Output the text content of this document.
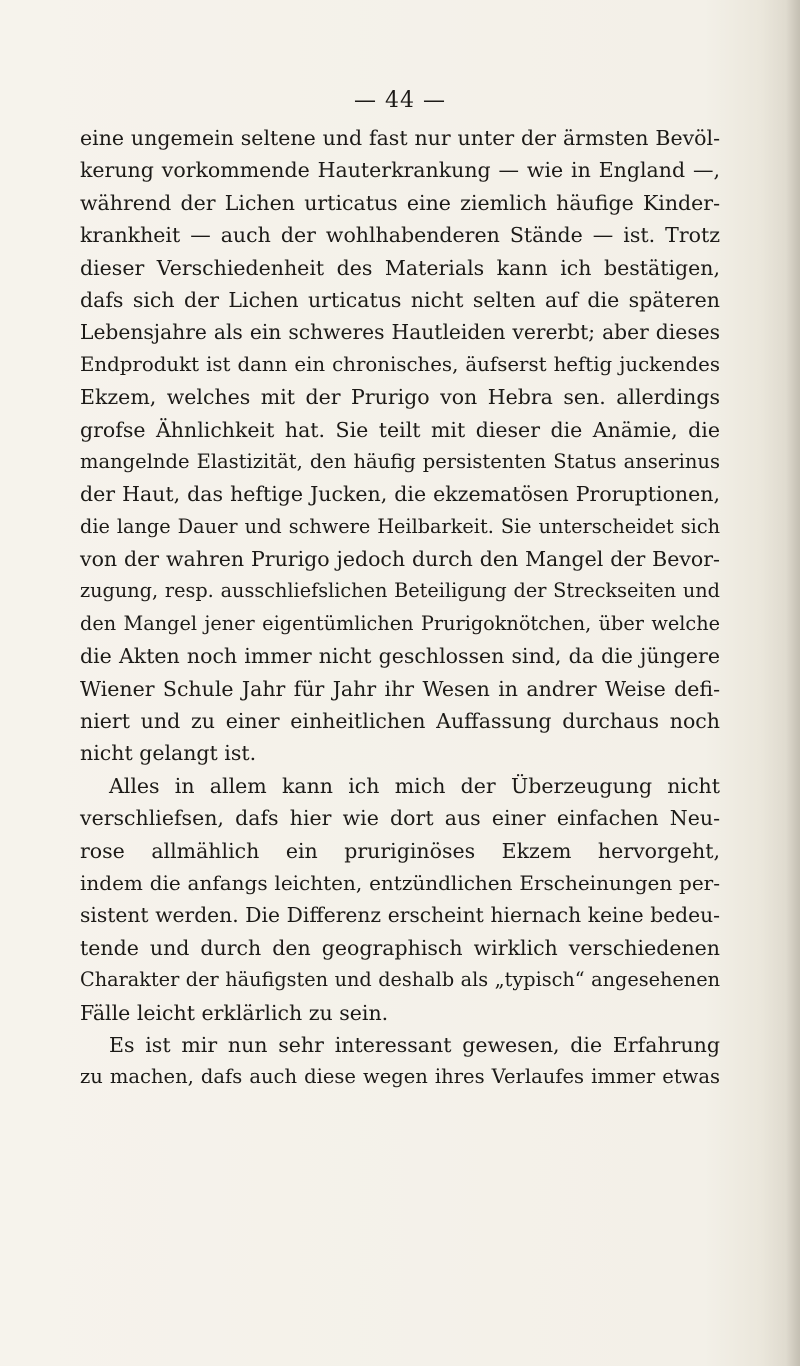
— 44 —
eine ungemein seltene und fast nur unter der ärmsten Bevöl-
kerung vorkommende Hauterkrankung — wie in England —,
während der Lichen urticatus eine ziemlich häufige Kinder-
krankheit — auch der wohlhabenderen Stände — ist. Trotz
dieser Verschiedenheit des Materials kann ich bestätigen,
dafs sich der Lichen urticatus nicht selten auf die späteren
Lebensjahre als ein schweres Hautleiden vererbt; aber dieses
Endprodukt ist dann ein chronisches, äufserst heftig juckendes
Ekzem, welches mit der Prurigo von Hebra sen. allerdings
grofse Ähnlichkeit hat. Sie teilt mit dieser die Anämie, die
mangelnde Elastizität, den häufig persistenten Status anserinus
der Haut, das heftige Jucken, die ekzematösen Proruptionen,
die lange Dauer und schwere Heilbarkeit. Sie unterscheidet sich
von der wahren Prurigo jedoch durch den Mangel der Bevor-
zugung, resp. ausschliefslichen Beteiligung der Streckseiten und
den Mangel jener eigentümlichen Prurigoknötchen, über welche
die Akten noch immer nicht geschlossen sind, da die jüngere
Wiener Schule Jahr für Jahr ihr Wesen in andrer Weise defi-
niert und zu einer einheitlichen Auffassung durchaus noch
nicht gelangt ist.
Alles in allem kann ich mich der Überzeugung nicht
verschliefsen, dafs hier wie dort aus einer einfachen Neu-
rose allmählich ein pruriginöses Ekzem hervorgeht,
indem die anfangs leichten, entzündlichen Erscheinungen per-
sistent werden. Die Differenz erscheint hiernach keine bedeu-
tende und durch den geographisch wirklich verschiedenen
Charakter der häufigsten und deshalb als „typisch“ angesehenen
Fälle leicht erklärlich zu sein.
Es ist mir nun sehr interessant gewesen, die Erfahrung
zu machen, dafs auch diese wegen ihres Verlaufes immer etwas
